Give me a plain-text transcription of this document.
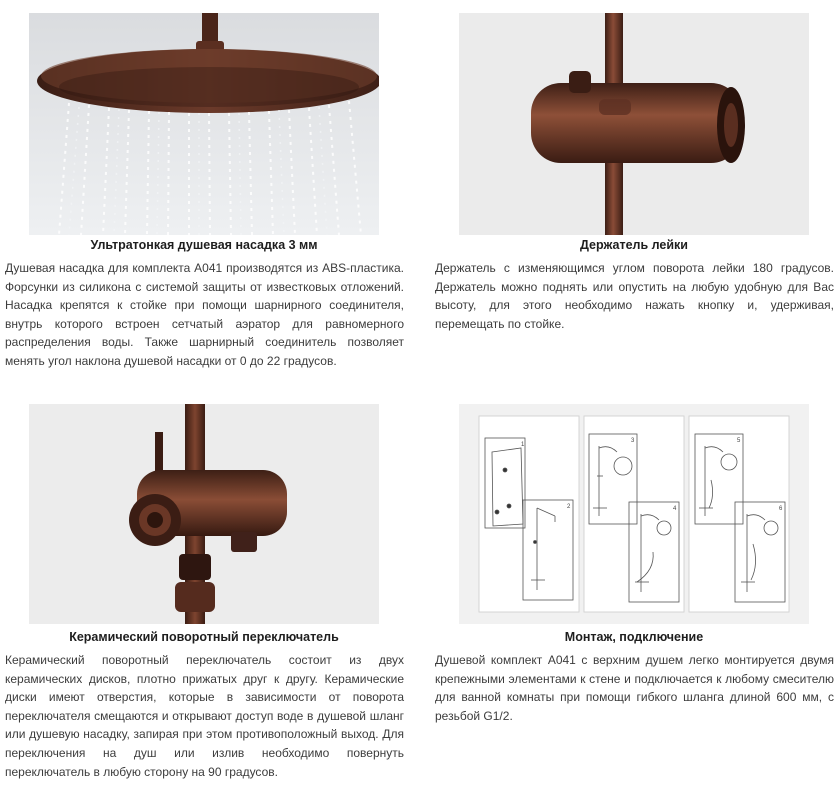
Ультратонкая душевая насадка 3 мм

Душевая насадка для комплекта А041 производятся из ABS-пластика. Форсунки из силикона с системой защиты от известковых отложений. Насадка крепятся к стойке при помощи шарнирного соединителя, внутрь которого встроен сетчатый аэратор для равномерного распределения воды. Также шарнирный соединитель позволяет менять угол наклона душевой насадки от 0 до 22 градусов.

Держатель лейки

Держатель с изменяющимся углом поворота лейки 180 градусов. Держатель можно поднять или опустить на любую удобную для Вас высоту, для этого необходимо нажать кнопку и, удерживая, перемещать по стойке.

Керамический поворотный переключатель

Керамический поворотный переключатель состоит из двух керамических дисков, плотно прижатых друг к другу. Керамические диски имеют отверстия, которые в зависимости от поворота переключателя смещаются и открывают доступ воде в душевой шланг или душевую насадку, запирая при этом противоположный выход. Для переключения на душ или излив необходимо повернуть переключатель в любую сторону на 90 градусов.

1
2
3
4
5
6
Монтаж, подключение

Душевой комплект А041 с верхним душем легко монтируется двумя крепежными элементами к стене и подключается к любому смесителю для ванной комнаты при помощи гибкого шланга длиной 600 мм, с резьбой G1/2.
